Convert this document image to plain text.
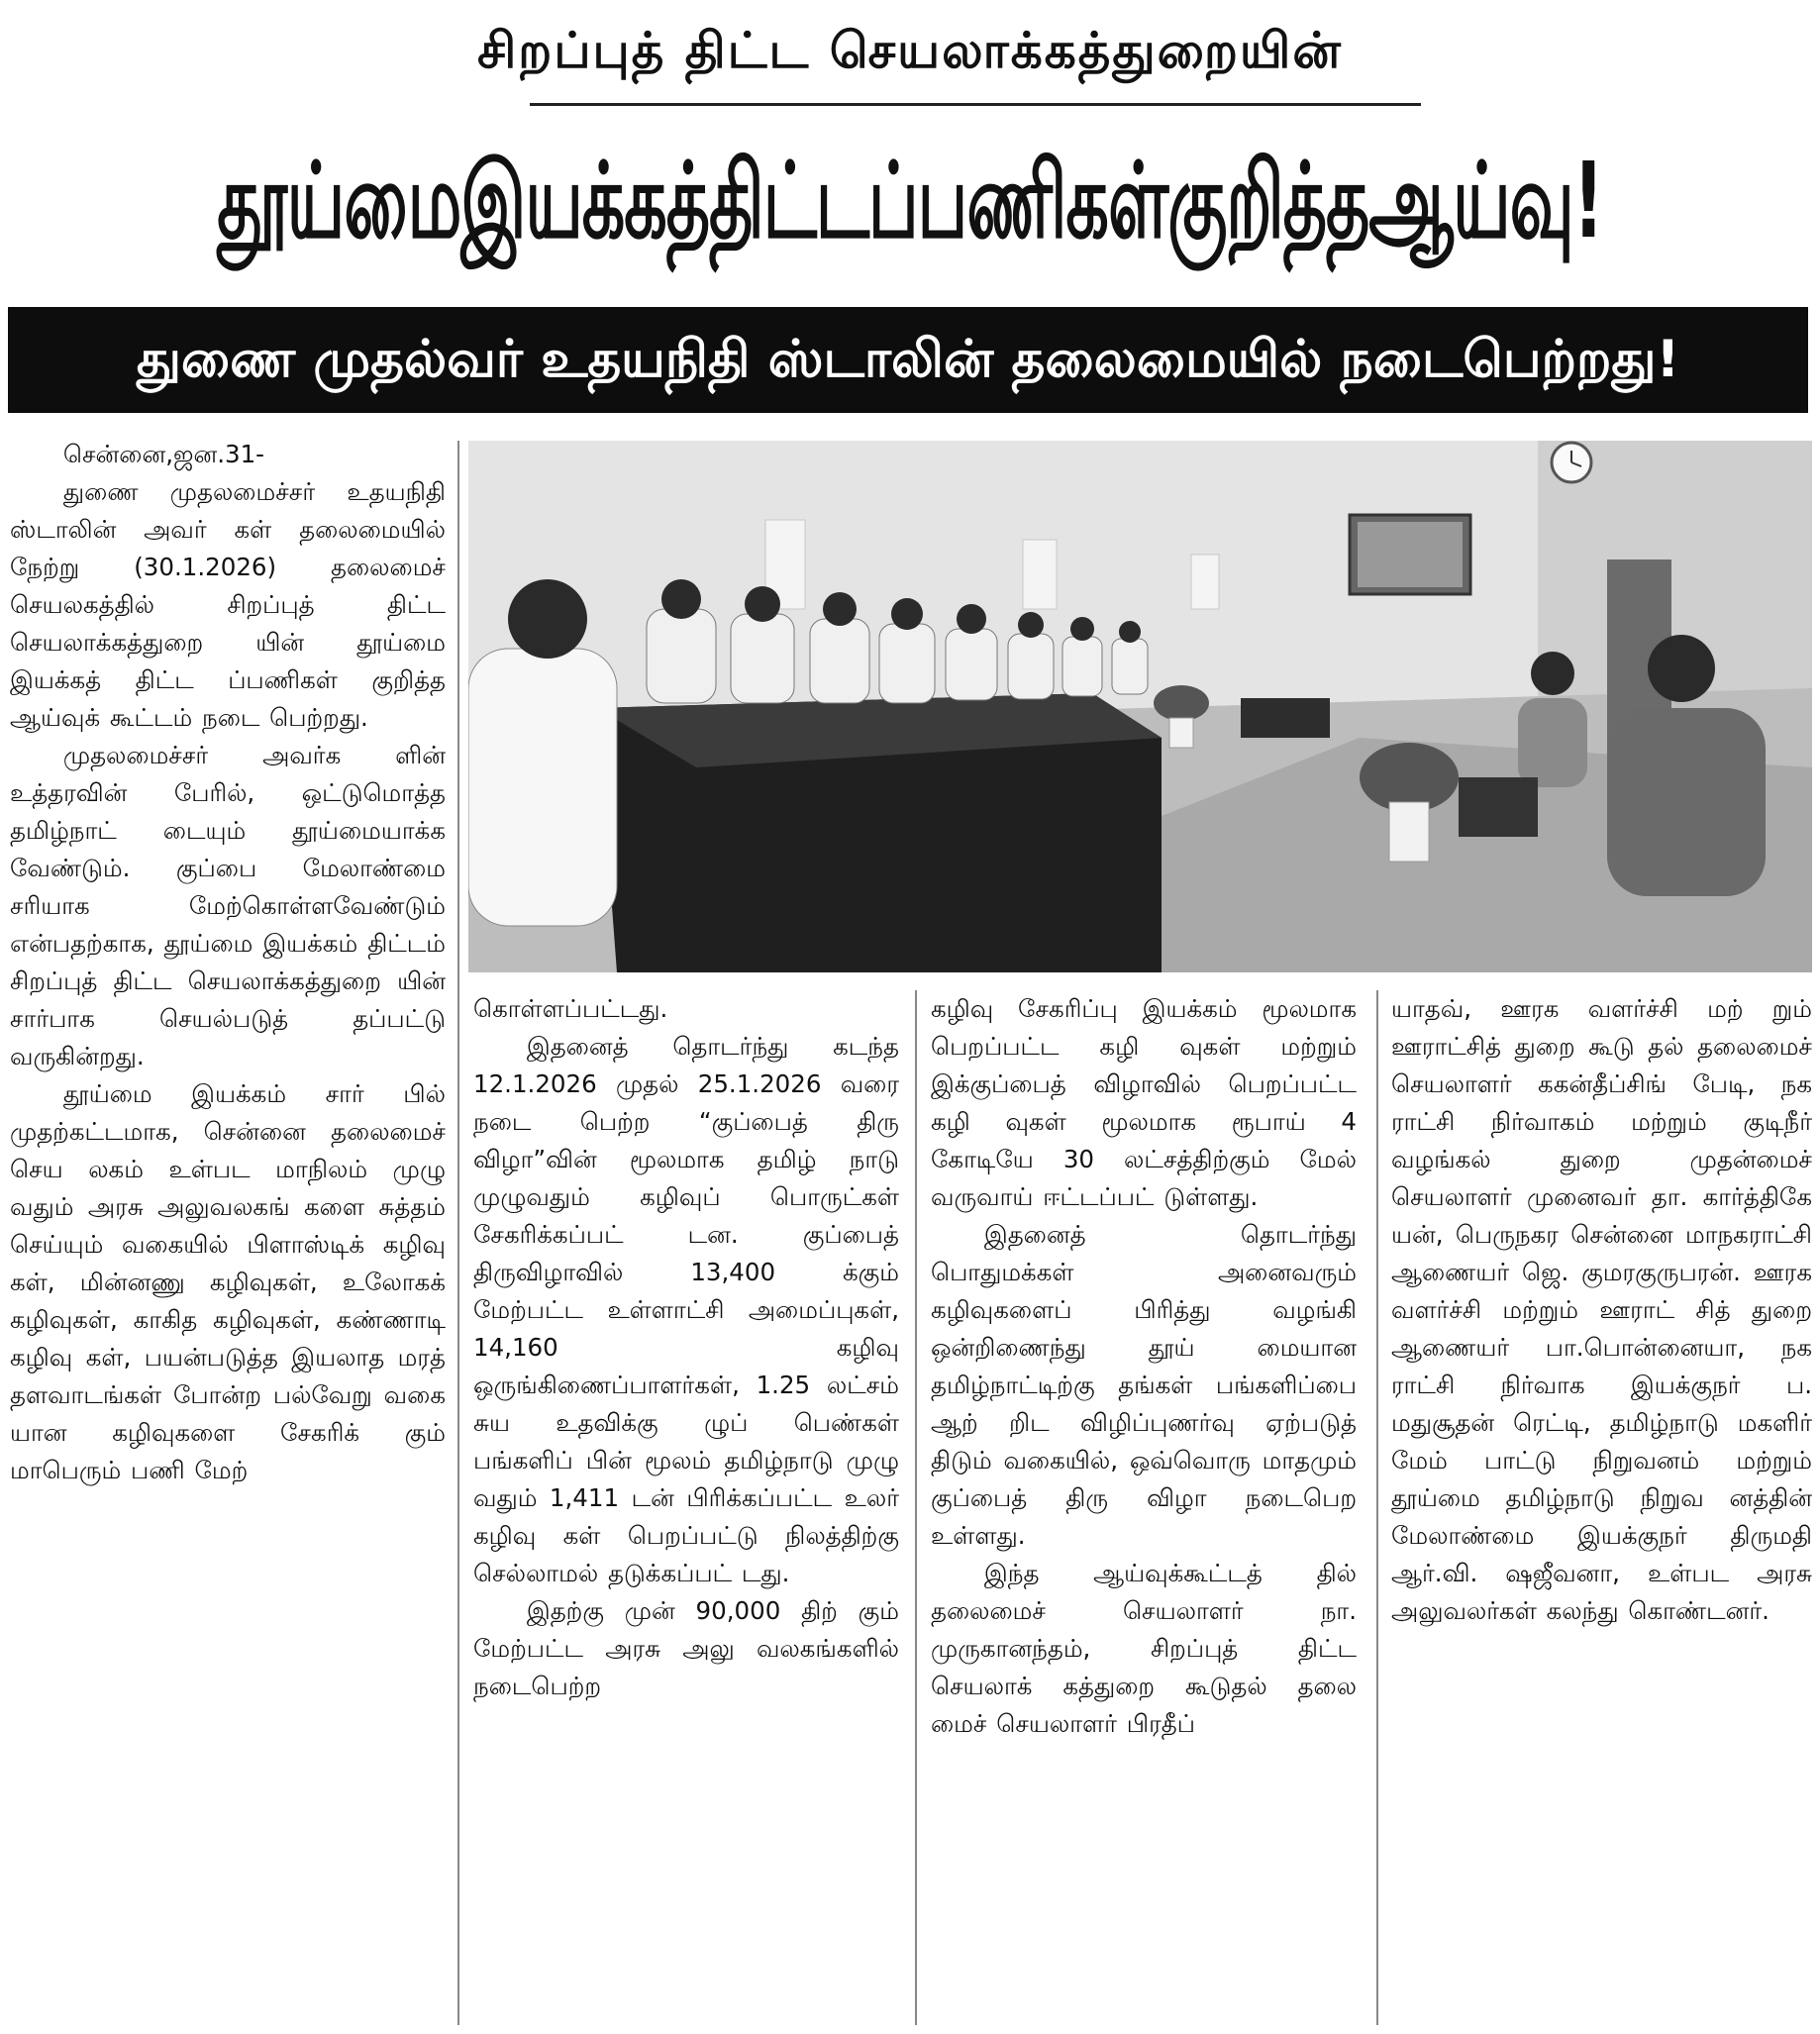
சிறப்புத் திட்ட செயலாக்கத்துறையின்
தூய்மைஇயக்கத்திட்டப்பணிகள்குறித்தஆய்வு!
துணை முதல்வர் உதயநிதி ஸ்டாலின் தலைமையில் நடைபெற்றது!

சென்னை,ஜன.31-

துணை முதலமைச்சர் உதயநிதி ஸ்டாலின் அவர் கள் தலைமையில் நேற்று (30.1.2026) தலைமைச் செயலகத்தில் சிறப்புத் திட்ட செயலாக்கத்துறை யின் தூய்மை இயக்கத் திட்ட ப்பணிகள் குறித்த ஆய்வுக் கூட்டம் நடை பெற்றது.

முதலமைச்சர் அவர்க ளின் உத்தரவின் பேரில், ஒட்டுமொத்த தமிழ்நாட் டையும் தூய்மையாக்க வேண்டும். குப்பை மேலாண்மை சரியாக மேற்கொள்ளவேண்டும் என்பதற்காக, தூய்மை இயக்கம் திட்டம் சிறப்புத் திட்ட செயலாக்கத்துறை யின் சார்பாக செயல்படுத் தப்பட்டு வருகின்றது.

தூய்மை இயக்கம் சார் பில் முதற்கட்டமாக, சென்னை தலைமைச் செய லகம் உள்பட மாநிலம் முழு வதும் அரசு அலுவலகங் களை சுத்தம் செய்யும் வகையில் பிளாஸ்டிக் கழிவு கள், மின்னணு கழிவுகள், உலோகக் கழிவுகள், காகித கழிவுகள், கண்ணாடி கழிவு கள், பயன்படுத்த இயலாத மரத் தளவாடங்கள் போன்ற பல்வேறு வகை யான கழிவுகளை சேகரிக் கும் மாபெரும் பணி மேற்

கொள்ளப்பட்டது.

இதனைத் தொடர்ந்து கடந்த 12.1.2026 முதல் 25.1.2026 வரை நடை பெற்ற “குப்பைத் திரு விழா”வின் மூலமாக தமிழ் நாடு முழுவதும் கழிவுப் பொருட்கள் சேகரிக்கப்பட் டன. குப்பைத் திருவிழாவில் 13,400 க்கும் மேற்பட்ட உள்ளாட்சி அமைப்புகள், 14,160 கழிவு ஒருங்கிணைப்பாளர்கள், 1.25 லட்சம் சுய உதவிக்கு ழுப் பெண்கள் பங்களிப் பின் மூலம் தமிழ்நாடு முழு வதும் 1,411 டன் பிரிக்கப்பட்ட உலர் கழிவு கள் பெறப்பட்டு நிலத்திற்கு செல்லாமல் தடுக்கப்பட் டது.

இதற்கு முன் 90,000 திற் கும் மேற்பட்ட அரசு அலு வலகங்களில் நடைபெற்ற

கழிவு சேகரிப்பு இயக்கம் மூலமாக பெறப்பட்ட கழி வுகள் மற்றும் இக்குப்பைத் விழாவில் பெறப்பட்ட கழி வுகள் மூலமாக ரூபாய் 4 கோடியே 30 லட்சத்திற்கும் மேல் வருவாய் ஈட்டப்பட் டுள்ளது.

இதனைத் தொடர்ந்து பொதுமக்கள் அனைவரும் கழிவுகளைப் பிரித்து வழங்கி ஒன்றிணைந்து தூய் மையான தமிழ்நாட்டிற்கு தங்கள் பங்களிப்பை ஆற் றிட விழிப்புணர்வு ஏற்படுத் திடும் வகையில், ஒவ்வொரு மாதமும் குப்பைத் திரு விழா நடைபெற உள்ளது.

இந்த ஆய்வுக்கூட்டத் தில் தலைமைச் செயலாளர் நா. முருகானந்தம், சிறப்புத் திட்ட செயலாக் கத்துறை கூடுதல் தலை மைச் செயலாளர் பிரதீப்

யாதவ், ஊரக வளர்ச்சி மற் றும் ஊராட்சித் துறை கூடு தல் தலைமைச் செயலாளர் ககன்தீப்சிங் பேடி, நக ராட்சி நிர்வாகம் மற்றும் குடிநீர் வழங்கல் துறை முதன்மைச் செயலாளர் முனைவர் தா. கார்த்திகே யன், பெருநகர சென்னை மாநகராட்சி ஆணையர் ஜெ. குமரகுருபரன். ஊரக வளர்ச்சி மற்றும் ஊராட் சித் துறை ஆணையர் பா.பொன்னையா, நக ராட்சி நிர்வாக இயக்குநர் ப. மதுசூதன் ரெட்டி, தமிழ்நாடு மகளிர் மேம் பாட்டு நிறுவனம் மற்றும் தூய்மை தமிழ்நாடு நிறுவ னத்தின் மேலாண்மை இயக்குநர் திருமதி ஆர்.வி. ஷஜீவனா, உள்பட அரசு அலுவலர்கள் கலந்து கொண்டனர்.
